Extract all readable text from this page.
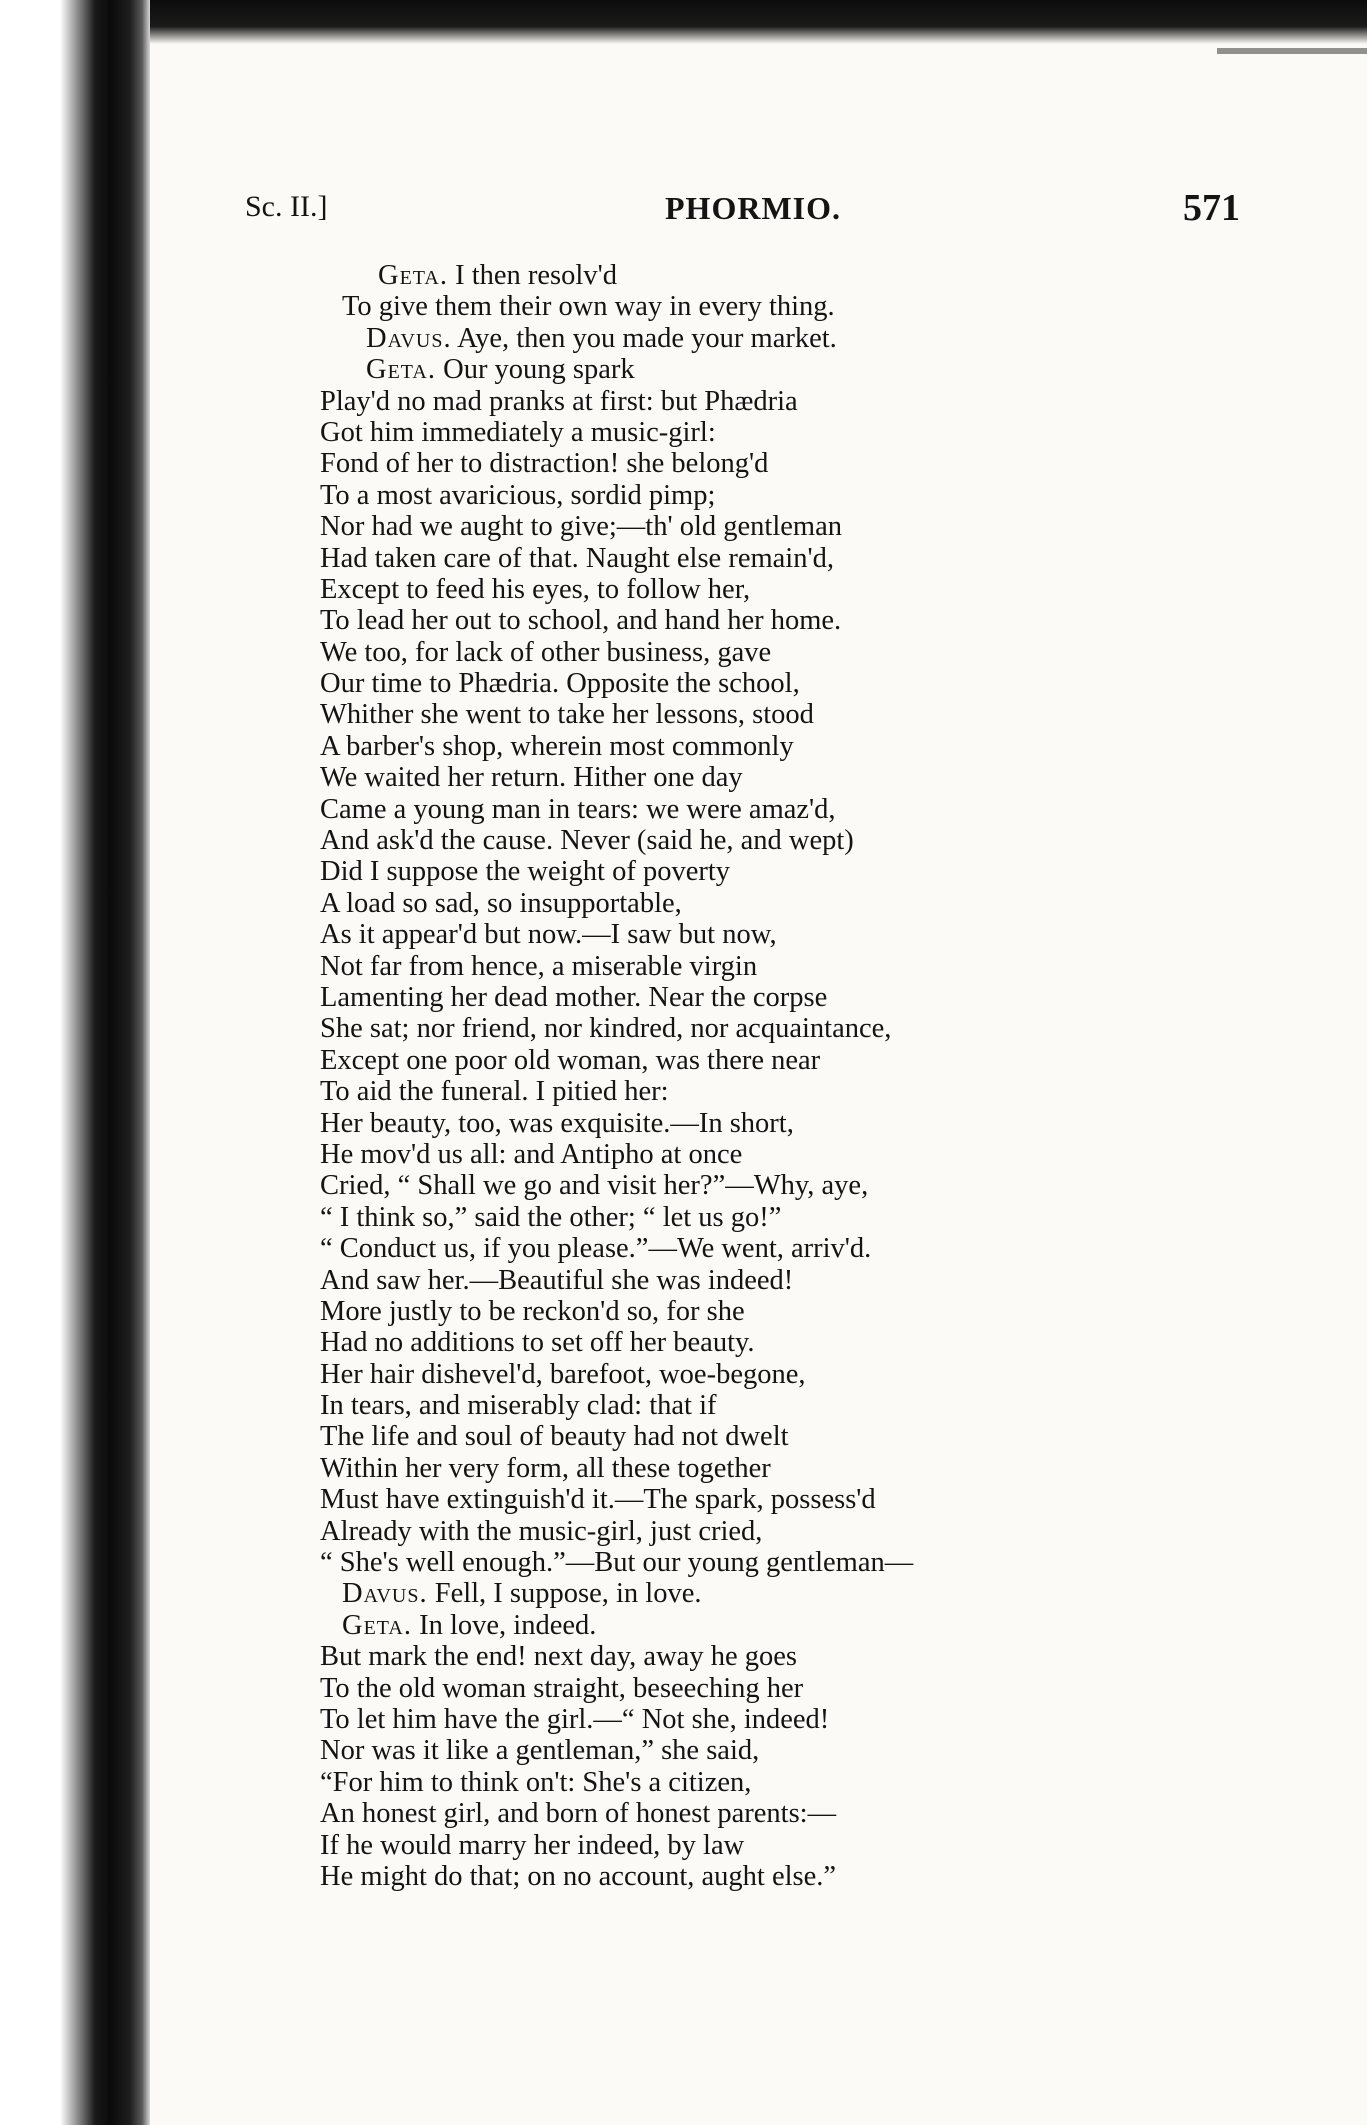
Sc. II.]	PHORMIO.	571
Geta. I then resolv'd
To give them their own way in every thing.
Davus. Aye, then you made your market.
Geta. Our young spark
Play'd no mad pranks at first: but Phædria
Got him immediately a music-girl:
Fond of her to distraction! she belong'd
To a most avaricious, sordid pimp;
Nor had we aught to give;—th' old gentleman
Had taken care of that. Naught else remain'd,
Except to feed his eyes, to follow her,
To lead her out to school, and hand her home.
We too, for lack of other business, gave
Our time to Phædria. Opposite the school,
Whither she went to take her lessons, stood
A barber's shop, wherein most commonly
We waited her return. Hither one day
Came a young man in tears: we were amaz'd,
And ask'd the cause. Never (said he, and wept)
Did I suppose the weight of poverty
A load so sad, so insupportable,
As it appear'd but now.—I saw but now,
Not far from hence, a miserable virgin
Lamenting her dead mother. Near the corpse
She sat; nor friend, nor kindred, nor acquaintance,
Except one poor old woman, was there near
To aid the funeral. I pitied her:
Her beauty, too, was exquisite.—In short,
He mov'd us all: and Antipho at once
Cried, “ Shall we go and visit her?”—Why, aye,
“ I think so,” said the other; “ let us go!”
“ Conduct us, if you please.”—We went, arriv'd.
And saw her.—Beautiful she was indeed!
More justly to be reckon'd so, for she
Had no additions to set off her beauty.
Her hair dishevel'd, barefoot, woe-begone,
In tears, and miserably clad: that if
The life and soul of beauty had not dwelt
Within her very form, all these together
Must have extinguish'd it.—The spark, possess'd
Already with the music-girl, just cried,
“ She's well enough.”—But our young gentleman—
Davus. Fell, I suppose, in love.
Geta. In love, indeed.
But mark the end! next day, away he goes
To the old woman straight, beseeching her
To let him have the girl.—“ Not she, indeed!
Nor was it like a gentleman,” she said,
“For him to think on't: She's a citizen,
An honest girl, and born of honest parents:—
If he would marry her indeed, by law
He might do that; on no account, aught else.”
